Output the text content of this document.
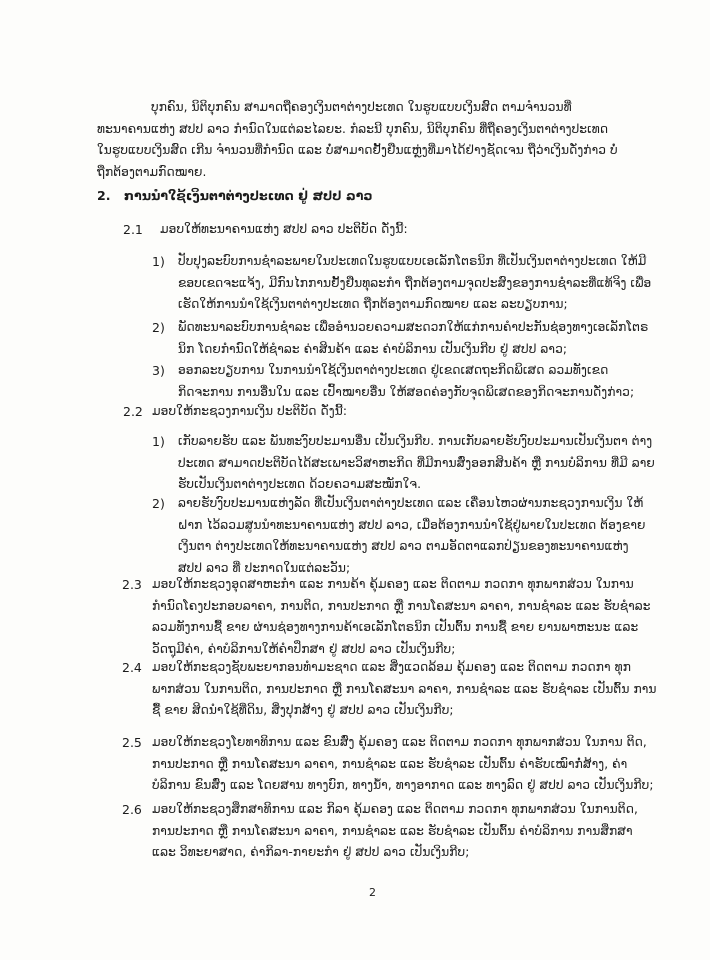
ບຸກຄົນ, ນິຕິບຸກຄົນ ສາມາດຖືຄອງເງິນຕາຕ່າງປະເທດ ໃນຮູບແບບເງິນສົດ ຕາມຈຳນວນທີ່ທະນາຄານແຫ່ງ ສປປ ລາວ ກຳນົດໃນແຕ່ລະໄລຍະ. ກໍລະນີ ບຸກຄົນ, ນິຕິບຸກຄົນ ທີ່ຖືຄອງເງິນຕາຕ່າງປະເທດ ໃນຮູບແບບເງິນສົດ ເກີນ ຈຳນວນທີ່ກຳນົດ ແລະ ບໍ່ສາມາດຢັ້ງຢືນແຫຼ່ງທີ່ມາໄດ້ຢ່າງຊັດເຈນ ຖືວ່າເງິນດັ່ງກ່າວ ບໍ່ຖືກຕ້ອງຕາມກົດໝາຍ.

2. ການນຳໃຊ້ເງິນຕາຕ່າງປະເທດ ຢູ່ ສປປ ລາວ
2.1 ມອບໃຫ້ທະນາຄານແຫ່ງ ສປປ ລາວ ປະຕິບັດ ດັ່ງນີ້:
1) ປັບປຸງລະບົບການຊຳລະພາຍໃນປະເທດໃນຮູບແບບເອເລັກໂຕຣນິກ ທີ່ເປັນເງິນຕາຕ່າງປະເທດ ໃຫ້ມີ ຂອບເຂດຈະແຈ້ງ, ມີກົນໄກການຢັ້ງຢືນທຸລະກຳ ຖືກຕ້ອງຕາມຈຸດປະສົງຂອງການຊຳລະທີ່ແທ້ຈິງ ເພື່ອ ເຮັດໃຫ້ການນຳໃຊ້ເງິນຕາຕ່າງປະເທດ ຖືກຕ້ອງຕາມກົດໝາຍ ແລະ ລະບຽບການ;

2) ພັດທະນາລະບົບການຊຳລະ ເພື່ອອຳນວຍຄວາມສະດວກໃຫ້ແກ່ການຄຳປະກັນຊ່ອງທາງເອເລັກໂຕຣນິກ ໂດຍກຳນົດໃຫ້ຊຳລະ ຄ່າສິນຄ້າ ແລະ ຄ່າບໍລິການ ເປັນເງິນກີບ ຢູ່ ສປປ ລາວ;

3) ອອກລະບຽບການ ໃນການນຳໃຊ້ເງິນຕາຕ່າງປະເທດ ຢູ່ເຂດເສດຖະກິດພິເສດ ລວມທັງເຂດກິດຈະການ ການອື່ນໃນ ແລະ ເປົ້າໝາຍອື່ນ ໃຫ້ສອດຄ່ອງກັບຈຸດພິເສດຂອງກິດຈະການດັ່ງກ່າວ;

2.2 ມອບໃຫ້ກະຊວງການເງິນ ປະຕິບັດ ດັ່ງນີ້:
1) ເກັບລາຍຮັບ ແລະ ພັນທະງົບປະມານອື່ນ ເປັນເງິນກີບ. ການເກັບລາຍຮັບງົບປະມານເປັນເງິນຕາ ຕ່າງປະເທດ ສາມາດປະຕິບັດໄດ້ສະເພາະວິສາຫະກິດ ທີ່ມີການສົ່ງອອກສິນຄ້າ ຫຼື ການບໍລິການ ທີ່ມີ ລາຍຮັບເປັນເງິນຕາຕ່າງປະເທດ ດ້ວຍຄວາມສະໝັກໃຈ.

2) ລາຍຮັບງົບປະມານແຫ່ງລັດ ທີ່ເປັນເງິນຕາຕ່າງປະເທດ ແລະ ເຄື່ອນໄຫວຜ່ານກະຊວງການເງິນ ໃຫ້ຝາກ ໄວ້ລວມສູນນຳທະນາຄານແຫ່ງ ສປປ ລາວ, ເມື່ອຕ້ອງການນຳໃຊ້ຢູ່ພາຍໃນປະເທດ ຕ້ອງຂາຍເງິນຕາ ຕ່າງປະເທດໃຫ້ທະນາຄານແຫ່ງ ສປປ ລາວ ຕາມອັດຕາແລກປ່ຽນຂອງທະນາຄານແຫ່ງ ສປປ ລາວ ທີ່ ປະກາດໃນແຕ່ລະວັນ;

2.3 ມອບໃຫ້ກະຊວງອຸດສາຫະກຳ ແລະ ການຄ້າ ຄຸ້ມຄອງ ແລະ ຕິດຕາມ ກວດກາ ທຸກພາກສ່ວນ ໃນການ ກຳນົດໂຄງປະກອບລາຄາ, ການຕິດ, ການປະກາດ ຫຼື ການໂຄສະນາ ລາຄາ, ການຊຳລະ ແລະ ຮັບຊຳລະ ລວມທັງການຊື້ ຂາຍ ຜ່ານຊ່ອງທາງການຄ້າເອເລັກໂຕຣນິກ ເປັນຕົ້ນ ການຊື້ ຂາຍ ຍານພາຫະນະ ແລະ ວັດຖຸມີຄ່າ, ຄ່າບໍລິການໃຫ້ຄຳປຶກສາ ຢູ່ ສປປ ລາວ ເປັນເງິນກີບ;

2.4 ມອບໃຫ້ກະຊວງຊັບພະຍາກອນທຳມະຊາດ ແລະ ສິ່ງແວດລ້ອມ ຄຸ້ມຄອງ ແລະ ຕິດຕາມ ກວດກາ ທຸກ ພາກສ່ວນ ໃນການຕິດ, ການປະກາດ ຫຼື ການໂຄສະນາ ລາຄາ, ການຊຳລະ ແລະ ຮັບຊຳລະ ເປັນຕົ້ນ ການຊື້ ຂາຍ ສິດນຳໃຊ້ທີ່ດິນ, ສິ່ງປຸກສ້າງ ຢູ່ ສປປ ລາວ ເປັນເງິນກີບ;

2.5 ມອບໃຫ້ກະຊວງໂຍທາທິການ ແລະ ຂົນສົ່ງ ຄຸ້ມຄອງ ແລະ ຕິດຕາມ ກວດກາ ທຸກພາກສ່ວນ ໃນການ ຕິດ, ການປະກາດ ຫຼື ການໂຄສະນາ ລາຄາ, ການຊຳລະ ແລະ ຮັບຊຳລະ ເປັນຕົ້ນ ຄ່າຮັບເໝົາກໍ່ສ້າງ, ຄ່າບໍລິການ ຂົນສົ່ງ ແລະ ໂດຍສານ ທາງບົກ, ທາງນ້ຳ, ທາງອາກາດ ແລະ ທາງລົດ ຢູ່ ສປປ ລາວ ເປັນເງິນກີບ;

2.6 ມອບໃຫ້ກະຊວງສຶກສາທິການ ແລະ ກິລາ ຄຸ້ມຄອງ ແລະ ຕິດຕາມ ກວດກາ ທຸກພາກສ່ວນ ໃນການຕິດ, ການປະກາດ ຫຼື ການໂຄສະນາ ລາຄາ, ການຊຳລະ ແລະ ຮັບຊຳລະ ເປັນຕົ້ນ ຄ່າບໍລິການ ການສຶກສາ ແລະ ວິທະຍາສາດ, ຄ່າກິລາ-ກາຍະກຳ ຢູ່ ສປປ ລາວ ເປັນເງິນກີບ;

2
